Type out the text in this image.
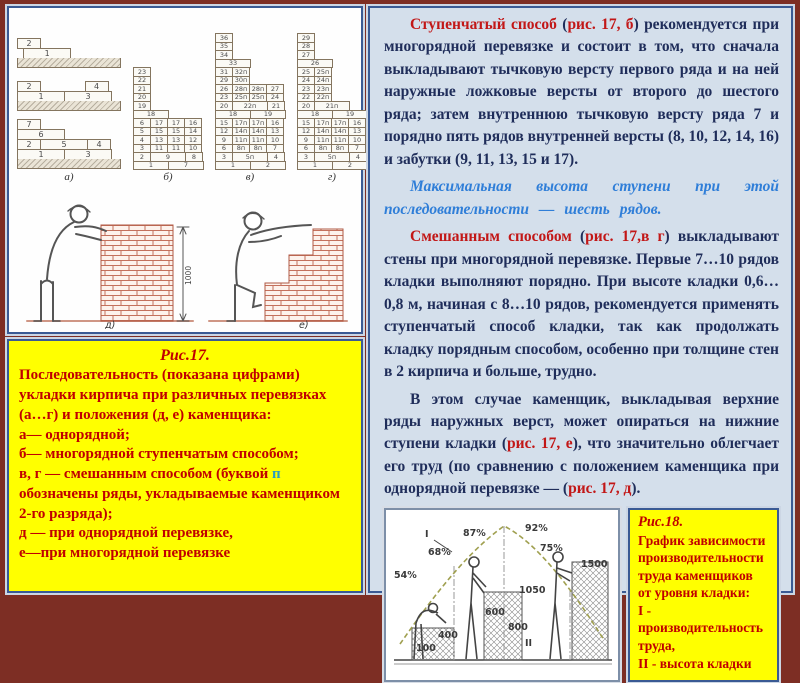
2
1
2	4
1	3
7
6
2	5	4
1	3
а)
23
22
21
20
19
18
6	17	17	16
5	15	15	14
4	13	13	12
3	11	11	10
2	9	8
1	7
б)
36
35
34
33
31	32п
29	30п
26	28п 28п	27
23	25п 25п	24
20	22п	21
18	19
15	17п 17п	16
12	14п 14п	13
9	11п 11п	10
6	8п	8п	7
3	5п	4
1	2
в)
29
28
27
26
25	25п
24	24п
23	23п
22	22п
20	21п
18	19
15	17п 17п	16
12	14п 14п	13
9	11п 11п	10
6	8п	8п	7
3	5п	4
1	2
г)
1000
д)	е)
Рис.17.
Последовательность (показана цифрами) укладки кирпича при различных перевязках (а…г) и положения (д, е) каменщика:
а— однорядной;
б— многорядной ступенчатым способом;
в, г — смешанным способом (буквой п обозначены ряды, укладываемые каменщиком 2-го разряда);
д — при однорядной перевязке,
е—при многорядной перевязке

Ступенчатый способ (рис. 17, б) рекомендуется при многорядной перевязке и состоит в том, что сначала выкладывают тычковую версту первого ряда и на ней наружные ложковые версты от второго до шестого ряда; затем внутреннюю тычковую версту ряда 7 и порядно пять рядов внутренней версты (8, 10, 12, 14, 16) и забутки (9, 11, 13, 15 и 17).

Максимальная высота ступени при этой последовательности — шесть рядов.

Смешанным способом (рис. 17,в г) выкладывают стены при многорядной перевязке. Первые 7…10 рядов кладки выполняют порядно. При высоте кладки 0,6…0,8 м, начиная с 8…10 рядов, рекомендуется применять ступенчатый способ кладки, так как продолжать кладку порядным способом, особенно при толщине стен в 2 кирпича и больше, трудно.

В этом случае каменщик, выкладывая верхние ряды наружных верст, может опираться на нижние ступени кладки (рис. 17, е), что значительно облегчает его труд (по сравнению с положением каменщика при однорядной перевязке — (рис. 17, д).

54%
68%
87%	92%
75%
I
1500
1050
800
600
400
100	II
Рис.18.
График зависимости производительности труда каменщиков от уровня кладки:
I - производительность труда,
II - высота кладки
